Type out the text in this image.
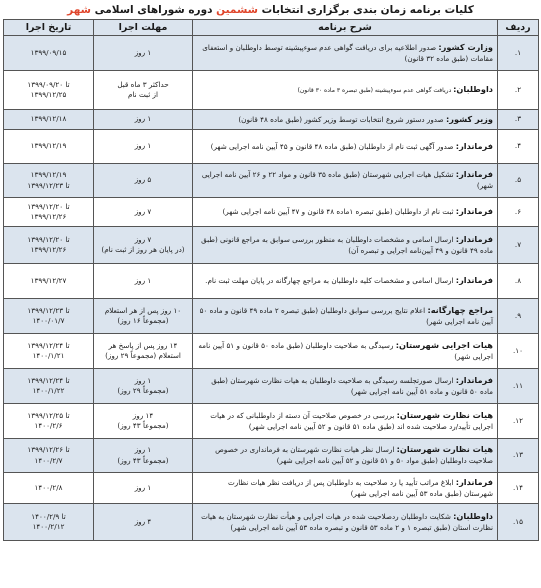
کلیات برنامه زمان بندی برگزاری انتخابات ششمین دوره شوراهای اسلامی شهر
ردیف	شرح برنامه	مهلت اجرا	تاریخ اجرا
۱.	وزارت کشور: صدور اطلاعیه برای دریافت گواهی عدم سوءپیشینه توسط داوطلبان و استعفای مقامات (طبق ماده ۳۲ قانون)	۱ روز	۱۳۹۹/۰۹/۱۵

۲.	داوطلبان: دریافت گواهی عدم سوءپیشینه (طبق تبصره ۳ ماده ۳۰ قانون)	حداکثر ۳ ماه قبل
از ثبت نام	۱۳۹۹/۰۹/۲۰ تا
۱۳۹۹/۱۲/۲۵

۳.	وزیر کشور: صدور دستور شروع انتخابات توسط وزیر کشور (طبق ماده ۴۸ قانون)	۱ روز	۱۳۹۹/۱۲/۱۸

۴.	فرماندار: صدور آگهی ثبت نام از داوطلبان (طبق ماده ۴۸ قانون و ۴۵ آیین نامه اجرایی شهر)	۱ روز	۱۳۹۹/۱۲/۱۹

۵.	فرماندار: تشکیل هیات اجرایی شهرستان (طبق ماده ۳۵ قانون و مواد ۲۲ و ۲۶ آیین نامه اجرایی شهر)	۵ روز	۱۳۹۹/۱۲/۱۹
تا ۱۳۹۹/۱۲/۲۳

۶.	فرماندار: ثبت نام از داوطلبان (طبق تبصره ۱ماده ۴۸ قانون و ۴۷ آیین نامه اجرایی شهر)	۷ روز	۱۳۹۹/۱۲/۲۰ تا
۱۳۹۹/۱۲/۲۶

۷.	فرماندار: ارسال اسامی و مشخصات داوطلبان به منظور بررسی سوابق به مراجع قانونی (طبق ماده ۴۹ قانون و ۴۹ آیین‌نامه اجرایی و تبصره آن)	۷ روز
(در پایان هر روز از ثبت نام)	۱۳۹۹/۱۲/۲۰ تا
۱۳۹۹/۱۲/۲۶

۸.	فرماندار: ارسال اسامی و مشخصات کلیه داوطلبان به مراجع چهارگانه در پایان مهلت ثبت نام.	۱ روز	۱۳۹۹/۱۲/۲۷

۹.	مراجع چهارگانه: اعلام نتایج بررسی سوابق داوطلبان (طبق تبصره ۲ ماده ۴۹ قانون و ماده ۵۰ آیین نامه اجرایی شهر)	۱۰ روز پس از هر استعلام
(مجموعاً ۱۶ روز)	۱۳۹۹/۱۲/۲۳ تا
۱۴۰۰/۰۱/۷

۱۰.	هیات اجرایی شهرستان: رسیدگی به صلاحیت داوطلبان (طبق ماده ۵۰ قانون و ۵۱ آیین نامه اجرایی شهر)	۱۴ روز پس از پاسخ هر
استعلام (مجموعاً ۲۹ روز)	۱۳۹۹/۱۲/۲۴ تا
۱۴۰۰/۱/۲۱

۱۱.	فرماندار: ارسال صورتجلسه رسیدگی به صلاحیت داوطلبان به هیات نظارت شهرستان (طبق ماده ۵۰ قانون و ماده ۵۱ آیین نامه اجرایی شهر)	۱ روز
(مجموعاً ۲۹ روز)	۱۳۹۹/۱۲/۲۴ تا
۱۴۰۰/۱/۲۲

۱۲.	هیات نظارت شهرستان: بررسی در خصوص صلاحیت آن دسته از داوطلبانی که در هیات اجرایی تأیید/رد صلاحیت شده اند (طبق ماده ۵۱ قانون و ۵۲ آیین نامه اجرایی شهر)	۱۴ روز
(مجموعاً ۴۳ روز)	۱۳۹۹/۱۲/۲۵ تا
۱۴۰۰/۲/۶

۱۳.	هیات نظارت شهرستان: ارسال نظر هیات نظارت شهرستان به فرمانداری در خصوص صلاحیت داوطلبان (طبق مواد ۵۰ و ۵۱ قانون و ۵۲ آیین نامه اجرایی شهر)	۱ روز
(مجموعاً ۴۳ روز)	۱۳۹۹/۱۲/۲۶ تا
۱۴۰۰/۲/۷

۱۴.	فرماندار: ابلاغ مراتب تأیید یا رد صلاحیت به داوطلبان پس از دریافت نظر هیات نظارت شهرستان (طبق ماده ۵۳ آیین نامه اجرایی شهر)	۱ روز	۱۴۰۰/۲/۸

۱۵.	داوطلبان: شکایت داوطلبان ردصلاحیت شده در هیات اجرایی و هیأت نظارت شهرستان به هیات نظارت استان (طبق تبصره ۱ و ۲ ماده ۵۳ قانون و تبصره ماده ۵۳ آیین نامه اجرایی شهر)	۴ روز	۱۴۰۰/۲/۹ تا
۱۴۰۰/۲/۱۲
